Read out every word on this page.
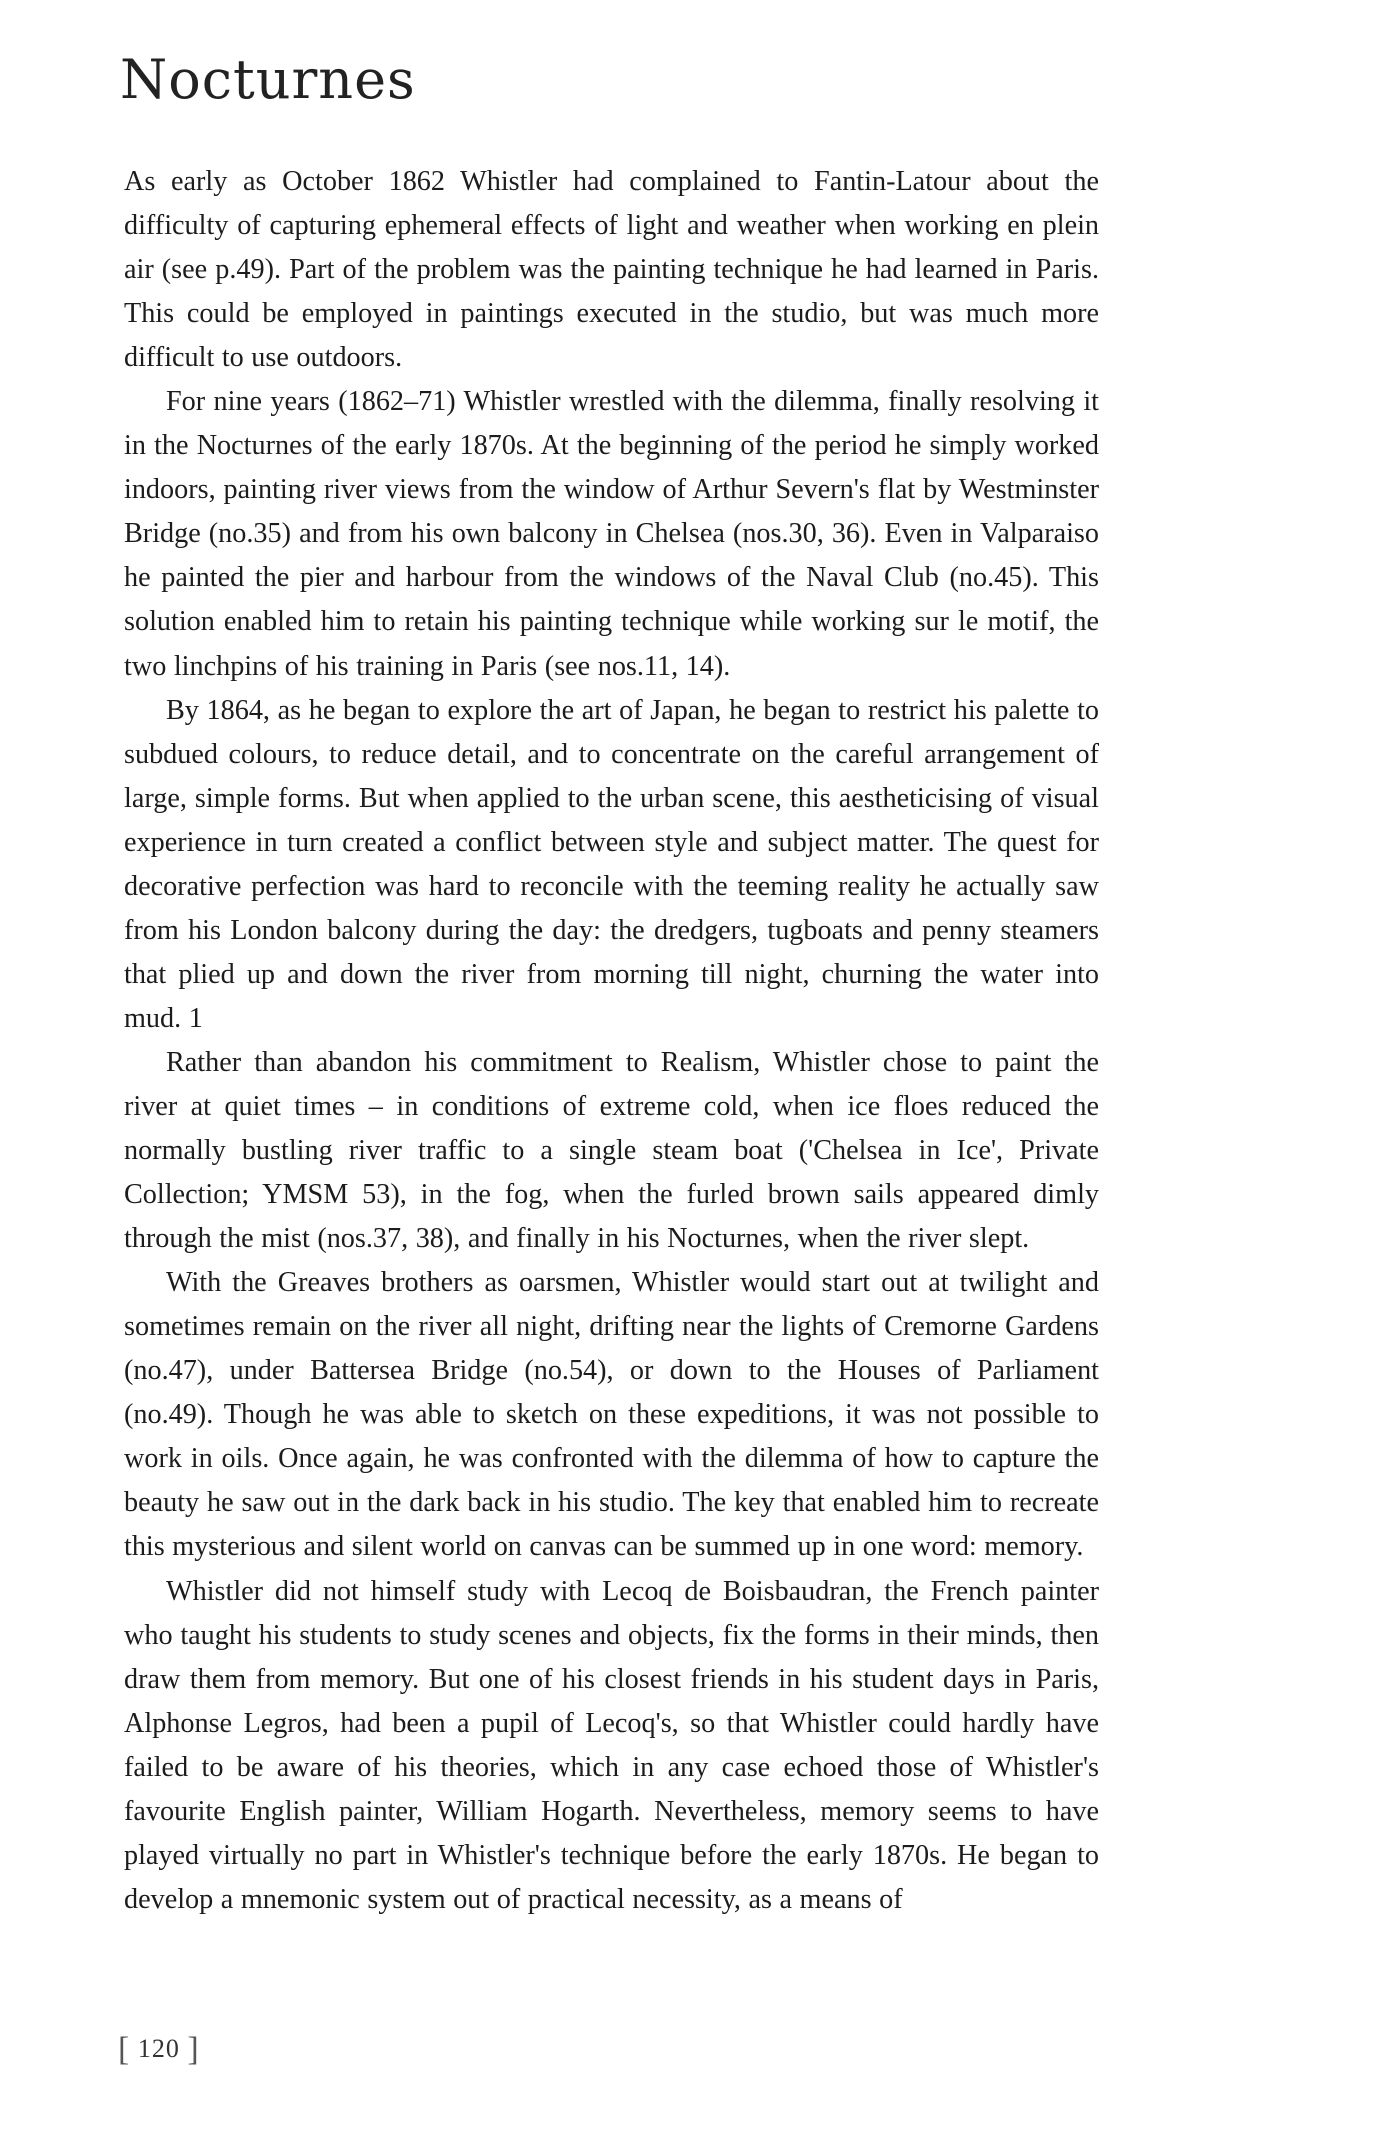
Nocturnes

As early as October 1862 Whistler had complained to Fantin-Latour about the difficulty of capturing ephemeral effects of light and weather when working en plein air (see p.49). Part of the problem was the painting technique he had learned in Paris. This could be employed in paintings executed in the studio, but was much more difficult to use outdoors.

For nine years (1862–71) Whistler wrestled with the dilemma, finally resolving it in the Nocturnes of the early 1870s. At the beginning of the period he simply worked indoors, painting river views from the window of Arthur Severn's flat by Westminster Bridge (no.35) and from his own balcony in Chelsea (nos.30, 36). Even in Valparaiso he painted the pier and harbour from the windows of the Naval Club (no.45). This solution enabled him to retain his painting technique while working sur le motif, the two linchpins of his training in Paris (see nos.11, 14).

By 1864, as he began to explore the art of Japan, he began to restrict his palette to subdued colours, to reduce detail, and to concentrate on the careful arrangement of large, simple forms. But when applied to the urban scene, this aestheticising of visual experience in turn created a conflict between style and subject matter. The quest for decorative perfection was hard to reconcile with the teeming reality he actually saw from his London balcony during the day: the dredgers, tugboats and penny steamers that plied up and down the river from morning till night, churning the water into mud. 1

Rather than abandon his commitment to Realism, Whistler chose to paint the river at quiet times – in conditions of extreme cold, when ice floes reduced the normally bustling river traffic to a single steam boat ('Chelsea in Ice', Private Collection; YMSM 53), in the fog, when the furled brown sails appeared dimly through the mist (nos.37, 38), and finally in his Nocturnes, when the river slept.

With the Greaves brothers as oarsmen, Whistler would start out at twilight and sometimes remain on the river all night, drifting near the lights of Cremorne Gardens (no.47), under Battersea Bridge (no.54), or down to the Houses of Parliament (no.49). Though he was able to sketch on these expeditions, it was not possible to work in oils. Once again, he was confronted with the dilemma of how to capture the beauty he saw out in the dark back in his studio. The key that enabled him to recreate this mysterious and silent world on canvas can be summed up in one word: memory.

Whistler did not himself study with Lecoq de Boisbaudran, the French painter who taught his students to study scenes and objects, fix the forms in their minds, then draw them from memory. But one of his closest friends in his student days in Paris, Alphonse Legros, had been a pupil of Lecoq's, so that Whistler could hardly have failed to be aware of his theories, which in any case echoed those of Whistler's favourite English painter, William Hogarth. Nevertheless, memory seems to have played virtually no part in Whistler's technique before the early 1870s. He began to develop a mnemonic system out of practical necessity, as a means of

[ 120 ]
